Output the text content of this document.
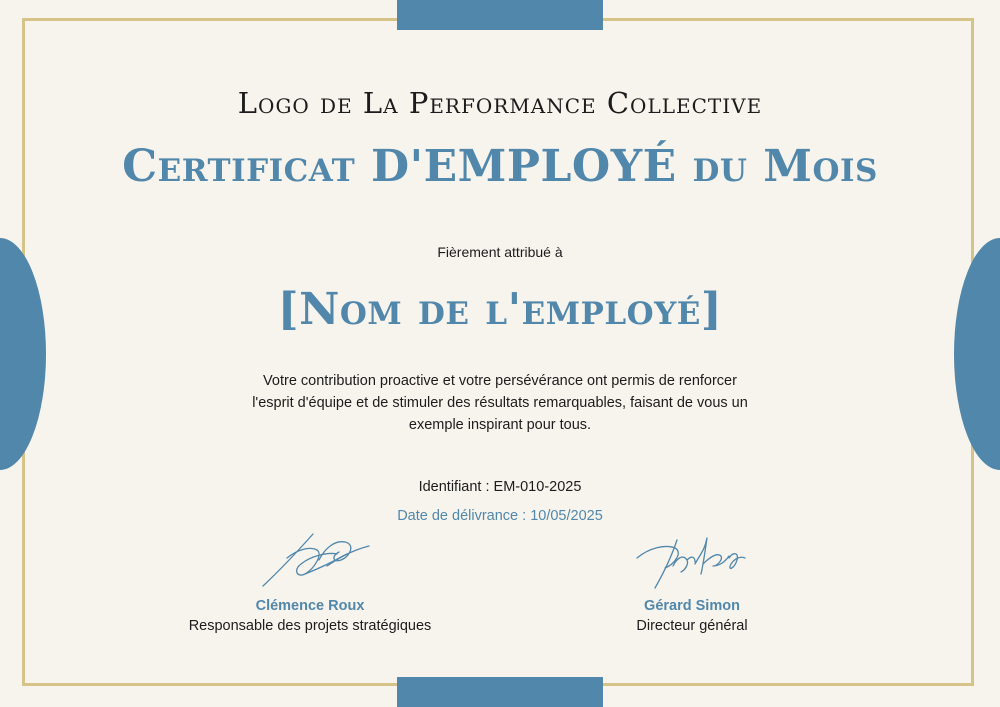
Logo de La Performance Collective
Certificat D'EMPLOYÉ du Mois
Fièrement attribué à
[Nom de l'employé]
Votre contribution proactive et votre persévérance ont permis de renforcer l'esprit d'équipe et de stimuler des résultats remarquables, faisant de vous un exemple inspirant pour tous.
Identifiant : EM-010-2025
Date de délivrance : 10/05/2025
Clémence Roux
Responsable des projets stratégiques
Gérard Simon
Directeur général
